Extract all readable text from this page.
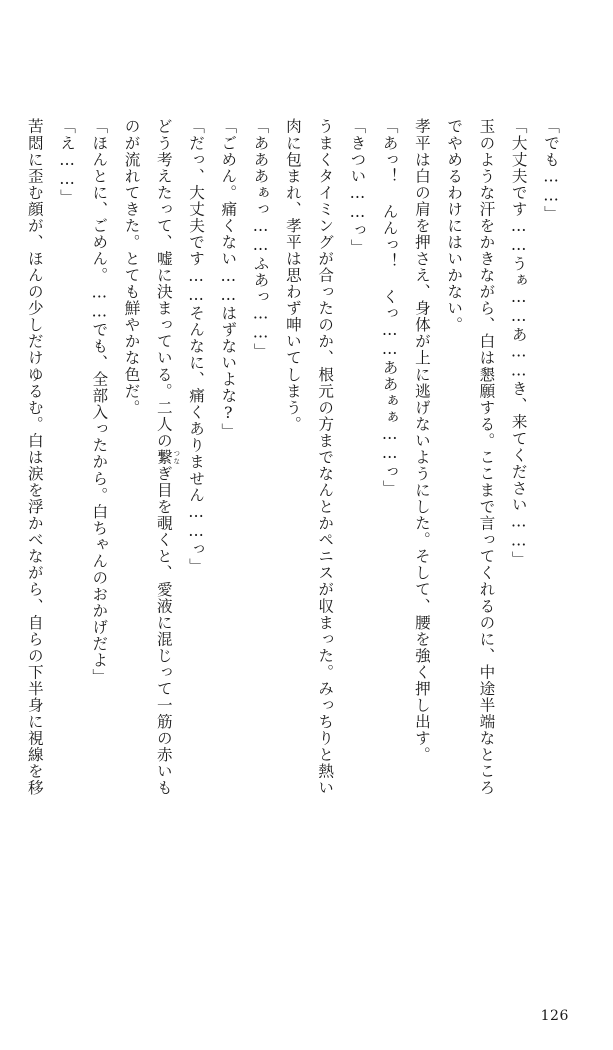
「でも……」

「大丈夫です……うぁ……あ……き、来てください……」

玉のような汗をかきながら、白は懇願する。ここまで言ってくれるのに、中途半端なところ

でやめるわけにはいかない。

孝平は白の肩を押さえ、身体が上に逃げないようにした。そして、腰を強く押し出す。

「あっ！ んんっ！ くっ……ああぁぁ……っ」

「きつい……っ」

うまくタイミングが合ったのか、根元の方までなんとかペニスが収まった。みっちりと熱い

肉に包まれ、孝平は思わず呻いてしまう。

「あああぁっ……ふあっ……」

「ごめん。痛くない……はずないよな?」

「だっ、大丈夫です……そんなに、痛くありません……っ」

どう考えたって、嘘に決まっている。二人の繋 つなぎ目を覗くと、愛液に混じって一筋の赤いも

のが流れてきた。とても鮮やかな色だ。

「ほんとに、ごめん。……でも、全部入ったから。白ちゃんのおかげだよ」

「え……」

苦悶に歪む顔が、ほんの少しだけゆるむ。白は涙を浮かべながら、自らの下半身に視線を移

126
